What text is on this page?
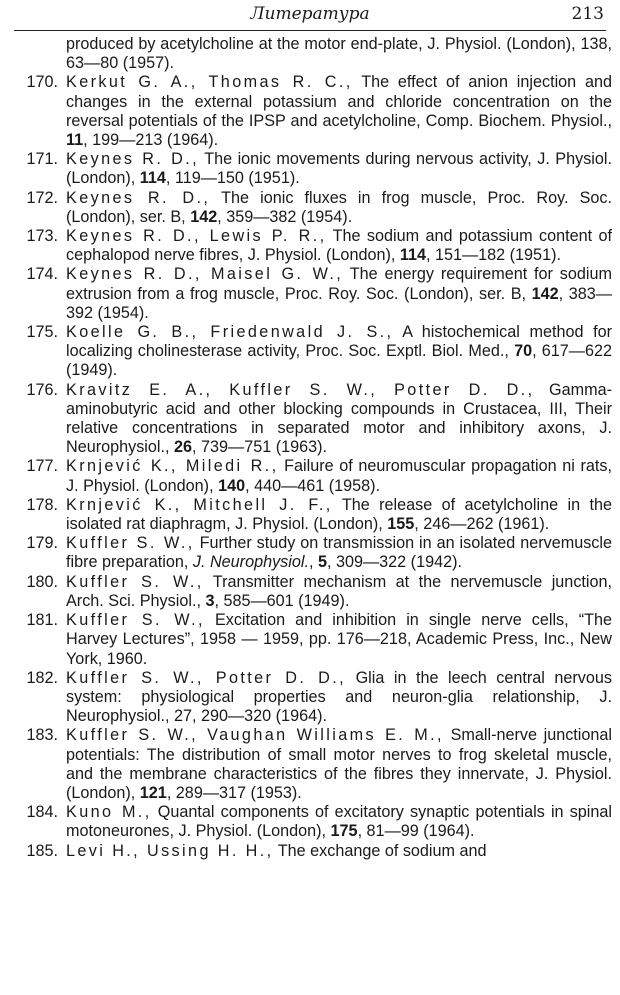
Литература	213
produced by acetylcholine at the motor end-plate, J. Physiol. (London), 138, 63—80 (1957).
170. Kerkut G. A., Thomas R. C., The effect of anion injection and changes in the external potassium and chloride concentration on the reversal potentials of the IPSP and acetylcholine, Comp. Biochem. Physiol., 11, 199—213 (1964).
171. Keynes R. D., The ionic movements during nervous activity, J. Physiol. (London), 114, 119—150 (1951).
172. Keynes R. D., The ionic fluxes in frog muscle, Proc. Roy. Soc. (London), ser. B, 142, 359—382 (1954).
173. Keynes R. D., Lewis P. R., The sodium and potassium content of cephalopod nerve fibres, J. Physiol. (London), 114, 151—182 (1951).
174. Keynes R. D., Maisel G. W., The energy requirement for sodium extrusion from a frog muscle, Proc. Roy. Soc. (London), ser. B, 142, 383—392 (1954).
175. Koelle G. B., Friedenwald J. S., A histochemical method for localizing cholinesterase activity, Proc. Soc. Exptl. Biol. Med., 70, 617—622 (1949).
176. Kravitz E. A., Kuffler S. W., Potter D. D., Gamma-aminobutyric acid and other blocking compounds in Crustacea, III, Their relative concentrations in separated motor and inhibitory axons, J. Neurophysiol., 26, 739—751 (1963).
177. Krnjević K., Miledi R., Failure of neuromuscular propagation ni rats, J. Physiol. (London), 140, 440—461 (1958).
178. Krnjević K., Mitchell J. F., The release of acetylcholine in the isolated rat diaphragm, J. Physiol. (London), 155, 246—262 (1961).
179. Kuffler S. W., Further study on transmission in an isolated nervemuscle fibre preparation, J. Neurophysiol., 5, 309—322 (1942).
180. Kuffler S. W., Transmitter mechanism at the nervemuscle junction, Arch. Sci. Physiol., 3, 585—601 (1949).
181. Kuffler S. W., Excitation and inhibition in single nerve cells, “The Harvey Lectures”, 1958 — 1959, pp. 176—218, Academic Press, Inc., New York, 1960.
182. Kuffler S. W., Potter D. D., Glia in the leech central nervous system: physiological properties and neuron-glia relationship, J. Neurophysiol., 27, 290—320 (1964).
183. Kuffler S. W., Vaughan Williams E. M., Small-nerve junctional potentials: The distribution of small motor nerves to frog skeletal muscle, and the membrane characteristics of the fibres they innervate, J. Physiol. (London), 121, 289—317 (1953).
184. Kuno M., Quantal components of excitatory synaptic potentials in spinal motoneurones, J. Physiol. (London), 175, 81—99 (1964).
185. Levi H., Ussing H. H., The exchange of sodium and
